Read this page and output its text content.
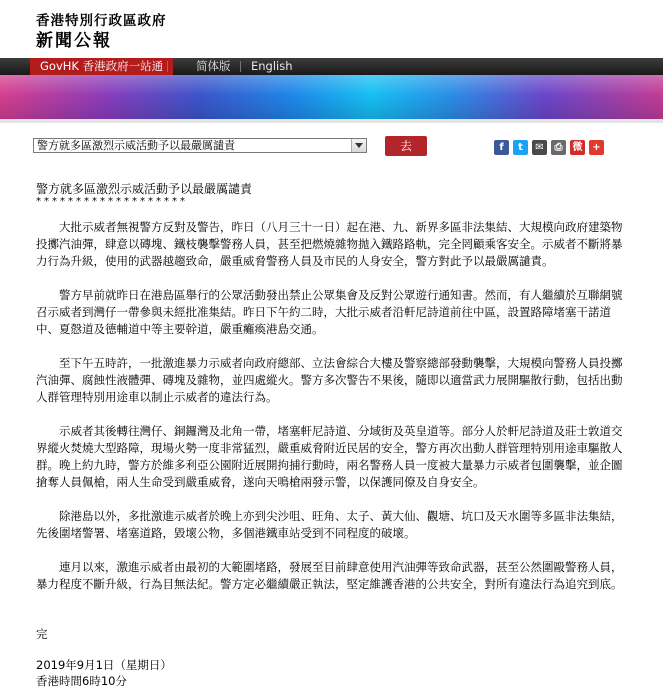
香港特別行政區政府
新聞公報
GovHK 香港政府一站通	简体版 English
警方就多區激烈示威活動予以最嚴厲譴責	去	f	t	✉	⎙	微 +
警方就多區激烈示威活動予以最嚴厲譴責
*******************

大批示威者無視警方反對及警告，昨日（八月三十一日）起在港、九、新界多區非法集結、大規模向政府建築物投擲汽油彈，肆意以磚塊、鐵枝襲擊警務人員，甚至把燃燒雜物拋入鐵路路軌，完全罔顧乘客安全。示威者不斷將暴力行為升級，使用的武器越趨致命，嚴重威脅警務人員及市民的人身安全，警方對此予以最嚴厲譴責。

警方早前就昨日在港島區舉行的公眾活動發出禁止公眾集會及反對公眾遊行通知書。然而，有人繼續於互聯網號召示威者到灣仔一帶參與未經批准集結。昨日下午約二時，大批示威者沿軒尼詩道前往中區，設置路障堵塞干諾道中、夏慤道及德輔道中等主要幹道，嚴重癱瘓港島交通。

至下午五時許，一批激進暴力示威者向政府總部、立法會綜合大樓及警察總部發動襲擊，大規模向警務人員投擲汽油彈、腐蝕性液體彈、磚塊及雜物，並四處縱火。警方多次警告不果後，隨即以適當武力展開驅散行動，包括出動人群管理特別用途車以制止示威者的違法行為。

示威者其後轉往灣仔、銅鑼灣及北角一帶，堵塞軒尼詩道、分域街及英皇道等。部分人於軒尼詩道及莊士敦道交界縱火焚燒大型路障，現場火勢一度非常猛烈，嚴重威脅附近民居的安全，警方再次出動人群管理特別用途車驅散人群。晚上約九時，警方於維多利亞公園附近展開拘捕行動時，兩名警務人員一度被大量暴力示威者包圍襲擊，並企圖搶奪人員佩槍，兩人生命受到嚴重威脅，遂向天鳴槍兩發示警，以保護同僚及自身安全。

除港島以外，多批激進示威者於晚上亦到尖沙咀、旺角、太子、黃大仙、觀塘、坑口及天水圍等多區非法集結，先後圍堵警署、堵塞道路，毀壞公物，多個港鐵車站受到不同程度的破壞。

連月以來，激進示威者由最初的大範圍堵路，發展至目前肆意使用汽油彈等致命武器，甚至公然圍毆警務人員，暴力程度不斷升級，行為目無法紀。警方定必繼續嚴正執法，堅定維護香港的公共安全，對所有違法行為追究到底。

完
2019年9月1日（星期日）
香港時間6時10分
